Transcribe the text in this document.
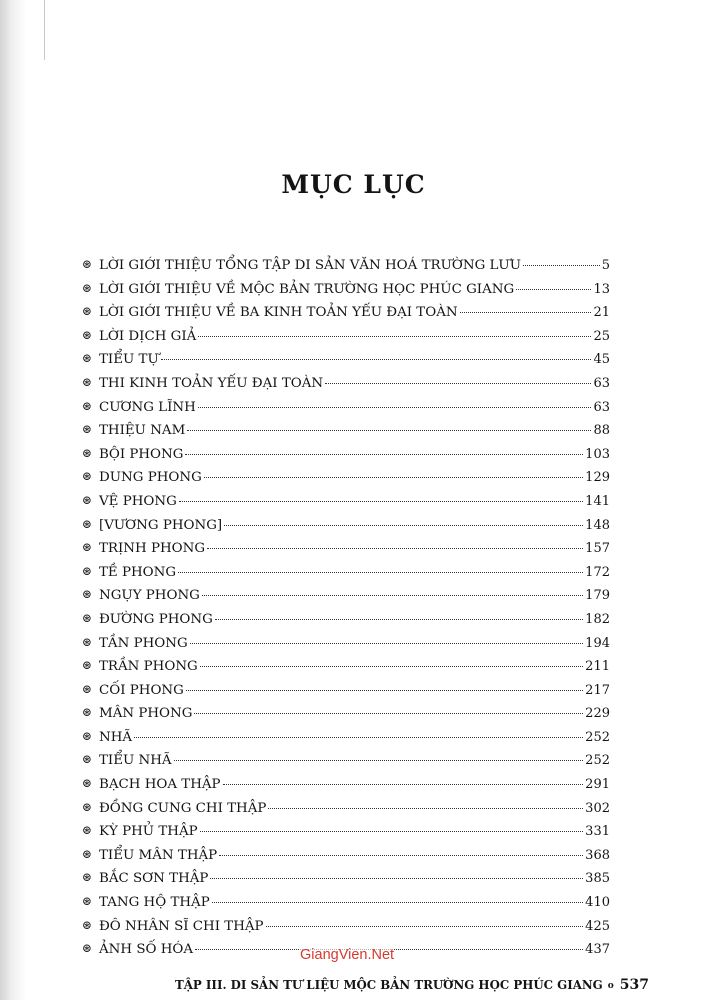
MỤC LỤC
⊛ LỜI GIỚI THIỆU TỔNG TẬP DI SẢN VĂN HOÁ TRƯỜNG LƯU	5
⊛ LỜI GIỚI THIỆU VỀ MỘC BẢN TRƯỜNG HỌC PHÚC GIANG	13
⊛ LỜI GIỚI THIỆU VỀ BA KINH TOẢN YẾU ĐẠI TOÀN	21
⊛ LỜI DỊCH GIẢ	25
⊛ TIỂU TỰ	45
⊛ THI KINH TOẢN YẾU ĐẠI TOÀN	63
⊛ CƯƠNG LĨNH	63
⊛ THIỆU NAM	88
⊛ BỘI PHONG	103
⊛ DUNG PHONG	129
⊛ VỆ PHONG	141
⊛ [VƯƠNG PHONG]	148
⊛ TRỊNH PHONG	157
⊛ TỀ PHONG	172
⊛ NGỤY PHONG	179
⊛ ĐƯỜNG PHONG	182
⊛ TẦN PHONG	194
⊛ TRẦN PHONG	211
⊛ CỐI PHONG	217
⊛ MÂN PHONG	229
⊛ NHÃ	252
⊛ TIỂU NHÃ	252
⊛ BẠCH HOA THẬP	291
⊛ ĐỒNG CUNG CHI THẬP	302
⊛ KỲ PHỦ THẬP	331
⊛ TIỂU MÂN THẬP	368
⊛ BẮC SƠN THẬP	385
⊛ TANG HỘ THẬP	410
⊛ ĐÔ NHÂN SĨ CHI THẬP	425
⊛ ẢNH SỐ HÓA	437
GiangVien.Net
TẬP III. DI SẢN TƯ LIỆU MỘC BẢN TRƯỜNG HỌC PHÚC GIANG o 537
